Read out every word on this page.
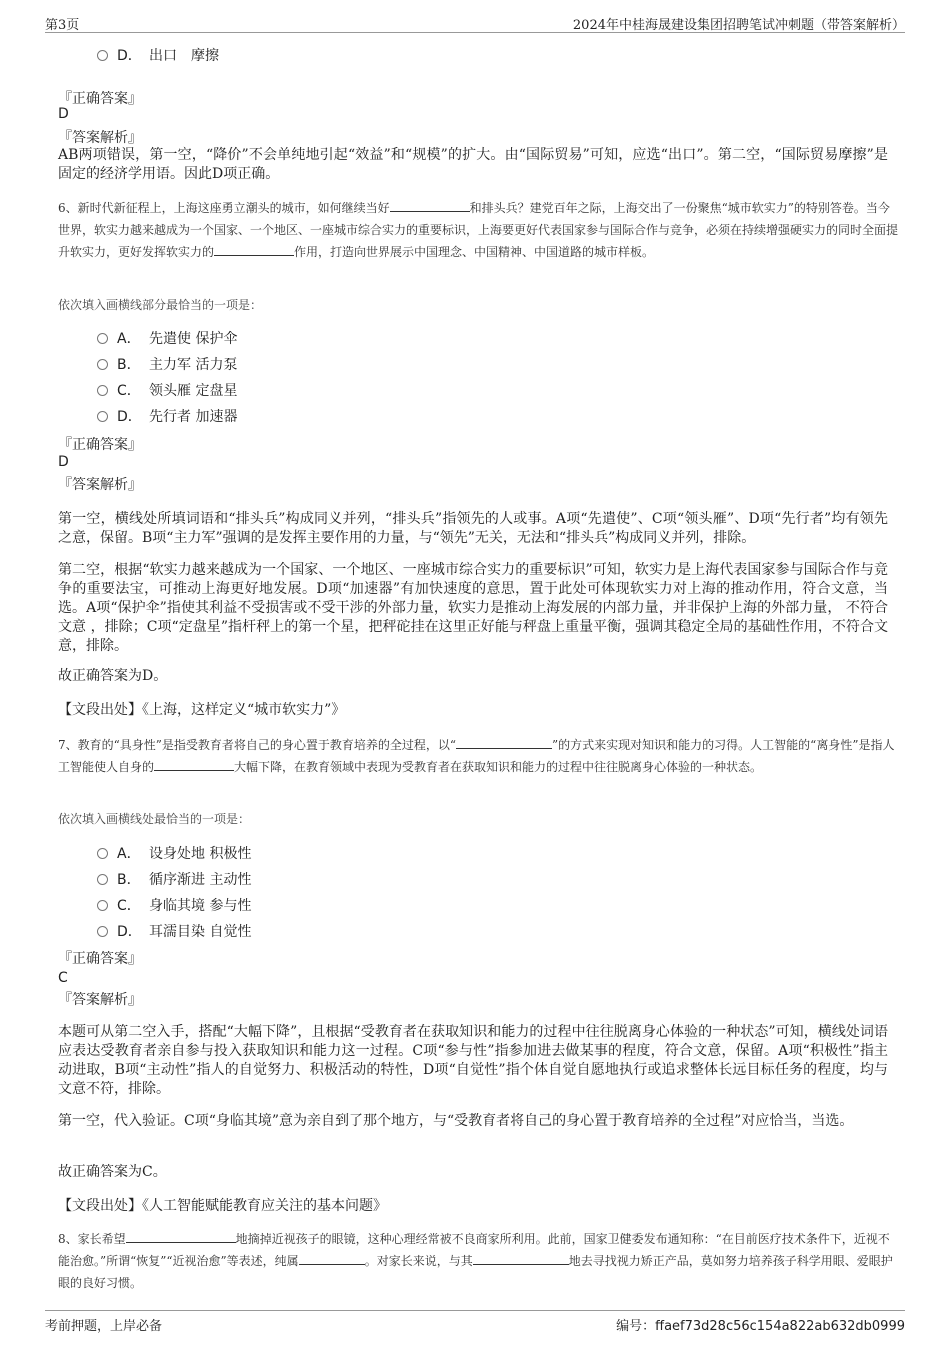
第3页	2024年中桂海晟建设集团招聘笔试冲刺题（带答案解析）
D． 出口　摩擦
『正确答案』
D
『答案解析』
AB两项错误，第一空，“降价”不会单纯地引起“效益”和“规模”的扩大。由“国际贸易”可知，应选“出口”。第二空，“国际贸易摩擦”是固定的经济学用语。因此D项正确。
6、新时代新征程上，上海这座勇立潮头的城市，如何继续当好	和排头兵？建党百年之际，上海交出了一份聚焦“城市软实力”的特别答卷。当今世界，软实力越来越成为一个国家、一个地区、一座城市综合实力的重要标识，上海要更好代表国家参与国际合作与竞争，必须在持续增强硬实力的同时全面提升软实力，更好发挥软实力的	作用，打造向世界展示中国理念、中国精神、中国道路的城市样板。
依次填入画横线部分最恰当的一项是：
A． 先遣使 保护伞
B． 主力军 活力泵
C． 领头雁 定盘星
D． 先行者 加速器
『正确答案』
D
『答案解析』
第一空，横线处所填词语和“排头兵”构成同义并列，“排头兵”指领先的人或事。A项“先遣使”、C项“领头雁”、D项“先行者”均有领先之意，保留。B项“主力军”强调的是发挥主要作用的力量，与“领先”无关，无法和“排头兵”构成同义并列，排除。
第二空，根据“软实力越来越成为一个国家、一个地区、一座城市综合实力的重要标识”可知，软实力是上海代表国家参与国际合作与竞争的重要法宝，可推动上海更好地发展。D项“加速器”有加快速度的意思，置于此处可体现软实力对上海的推动作用，符合文意，当选。A项“保护伞”指使其利益不受损害或不受干涉的外部力量，软实力是推动上海发展的内部力量，并非保护上海的外部力量， 不符合文意 ，排除；C项“定盘星”指杆秤上的第一个星，把秤砣挂在这里正好能与秤盘上重量平衡，强调其稳定全局的基础性作用，不符合文意，排除。
故正确答案为D。
【文段出处】《上海，这样定义“城市软实力”》
7、教育的“具身性”是指受教育者将自己的身心置于教育培养的全过程，以“	”的方式来实现对知识和能力的习得。人工智能的“离身性”是指人工智能使人自身的	大幅下降，在教育领域中表现为受教育者在获取知识和能力的过程中往往脱离身心体验的一种状态。
依次填入画横线处最恰当的一项是：
A． 设身处地 积极性
B． 循序渐进 主动性
C． 身临其境 参与性
D． 耳濡目染 自觉性
『正确答案』
C
『答案解析』
本题可从第二空入手，搭配“大幅下降”，且根据“受教育者在获取知识和能力的过程中往往脱离身心体验的一种状态”可知，横线处词语应表达受教育者亲自参与投入获取知识和能力这一过程。C项“参与性”指参加进去做某事的程度，符合文意，保留。A项“积极性”指主动进取，B项“主动性”指人的自觉努力、积极活动的特性，D项“自觉性”指个体自觉自愿地执行或追求整体长远目标任务的程度，均与文意不符，排除。
第一空，代入验证。C项“身临其境”意为亲自到了那个地方，与“受教育者将自己的身心置于教育培养的全过程”对应恰当，当选。
故正确答案为C。
【文段出处】《人工智能赋能教育应关注的基本问题》
8、家长希望	地摘掉近视孩子的眼镜，这种心理经常被不良商家所利用。此前，国家卫健委发布通知称：“在目前医疗技术条件下，近视不能治愈。”所谓“恢复”“近视治愈”等表述，纯属	。对家长来说，与其	地去寻找视力矫正产品，莫如努力培养孩子科学用眼、爱眼护眼的良好习惯。
考前押题，上岸必备	编号：ffaef73d28c56c154a822ab632db0999
